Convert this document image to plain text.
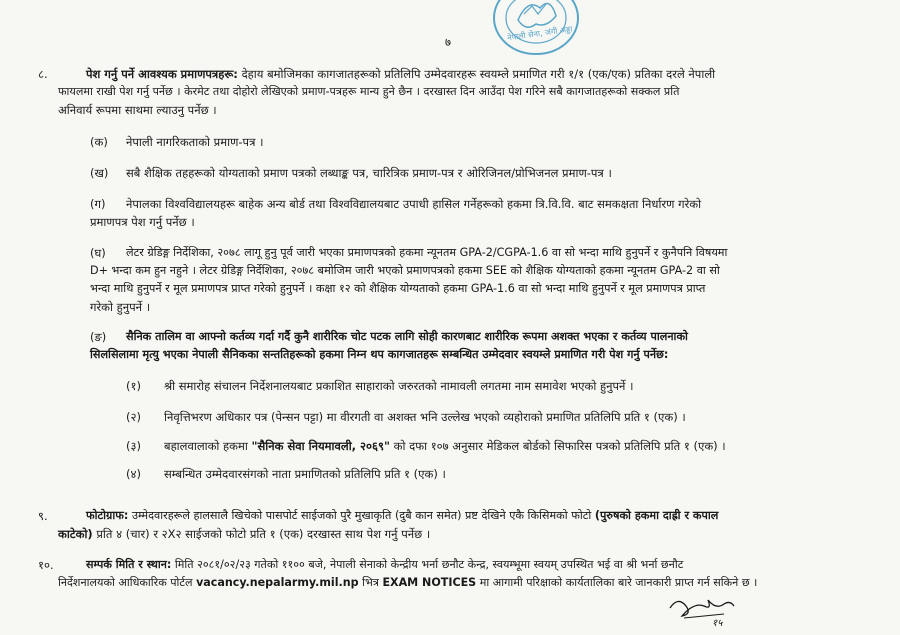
नेपाली सेना, जंगी अड्डा
७
८.	पेश गर्नु पर्ने आवश्यक प्रमाणपत्रहरू: देहाय बमोजिमका कागजातहरूको प्रतिलिपि उम्मेदवारहरू स्वयम्ले प्रमाणित गरी १/१ (एक/एक) प्रतिका दरले नेपाली
फायलमा राखी पेश गर्नु पर्नेछ । केरमेट तथा दोहोरो लेखिएको प्रमाण-पत्रहरू मान्य हुने छैन । दरखास्त दिन आउँदा पेश गरिने सबै कागजातहरूको सक्कल प्रति
अनिवार्य रूपमा साथमा ल्याउनु पर्नेछ ।
(क) नेपाली नागरिकताको प्रमाण-पत्र ।
(ख) सबै शैक्षिक तहहरूको योग्यताको प्रमाण पत्रको लब्धाङ्क पत्र, चारित्रिक प्रमाण-पत्र र ओरिजिनल/प्रोभिजनल प्रमाण-पत्र ।
(ग) नेपालका विश्वविद्यालयहरू बाहेक अन्य बोर्ड तथा विश्वविद्यालयबाट उपाधी हासिल गर्नेहरूको हकमा त्रि.वि.वि. बाट समकक्षता निर्धारण गरेको
प्रमाणपत्र पेश गर्नु पर्नेछ ।
(घ) लेटर ग्रेडिङ्ग निर्देशिका, २०७८ लागू हुनु पूर्व जारी भएका प्रमाणपत्रको हकमा न्यूनतम GPA-2/CGPA-1.6 वा सो भन्दा माथि हुनुपर्ने र कुनैपनि विषयमा
D+ भन्दा कम हुन नहुने । लेटर ग्रेडिङ्ग निर्देशिका, २०७८ बमोजिम जारी भएको प्रमाणपत्रको हकमा SEE को शैक्षिक योग्यताको हकमा न्यूनतम GPA-2 वा सो
भन्दा माथि हुनुपर्ने र मूल प्रमाणपत्र प्राप्त गरेको हुनुपर्ने । कक्षा १२ को शैक्षिक योग्यताको हकमा GPA-1.6 वा सो भन्दा माथि हुनुपर्ने र मूल प्रमाणपत्र प्राप्त
गरेको हुनुपर्ने ।
(ङ) सैनिक तालिम वा आफ्नो कर्तव्य गर्दा गर्दै कुनै शारीरिक चोट पटक लागि सोही कारणबाट शारीरिक रूपमा अशक्त भएका र कर्तव्य पालनाको
सिलसिलामा मृत्यु भएका नेपाली सैनिकका सन्ततिहरूको हकमा निम्न थप कागजातहरू सम्बन्धित उम्मेदवार स्वयम्ले प्रमाणित गरी पेश गर्नु पर्नेछ:
(१) श्री समारोह संचालन निर्देशनालयबाट प्रकाशित साहाराको जरुरतको नामावली लगतमा नाम समावेश भएको हुनुपर्ने ।
(२) निवृत्तिभरण अधिकार पत्र (पेन्सन पट्टा) मा वीरगती वा अशक्त भनि उल्लेख भएको व्यहोराको प्रमाणित प्रतिलिपि प्रति १ (एक) ।
(३) बहालवालाको हकमा "सैनिक सेवा नियमावली, २०६९" को दफा १०७ अनुसार मेडिकल बोर्डको सिफारिस पत्रको प्रतिलिपि प्रति १ (एक) ।
(४) सम्बन्धित उम्मेदवारसंगको नाता प्रमाणितको प्रतिलिपि प्रति १ (एक) ।
९.	फोटोग्राफ: उम्मेदवारहरूले हालसालै खिचेको पासपोर्ट साईजको पुरै मुखाकृति (दुबै कान समेत) प्रष्ट देखिने एकै किसिमको फोटो (पुरुषको हकमा दाह्री र कपाल
काटेको) प्रति ४ (चार) र २X२ साईजको फोटो प्रति १ (एक) दरखास्त साथ पेश गर्नु पर्नेछ ।
१०.	सम्पर्क मिति र स्थान: मिति २०८१/०२/२३ गतेको ११०० बजे, नेपाली सेनाको केन्द्रीय भर्ना छनौट केन्द्र, स्वयम्भूमा स्वयम् उपस्थित भई वा श्री भर्ना छनौट
निर्देशनालयको आधिकारिक पोर्टल vacancy.nepalarmy.mil.np भित्र EXAM NOTICES मा आगामी परिक्षाको कार्यतालिका बारे जानकारी प्राप्त गर्न सकिने छ ।
१५
